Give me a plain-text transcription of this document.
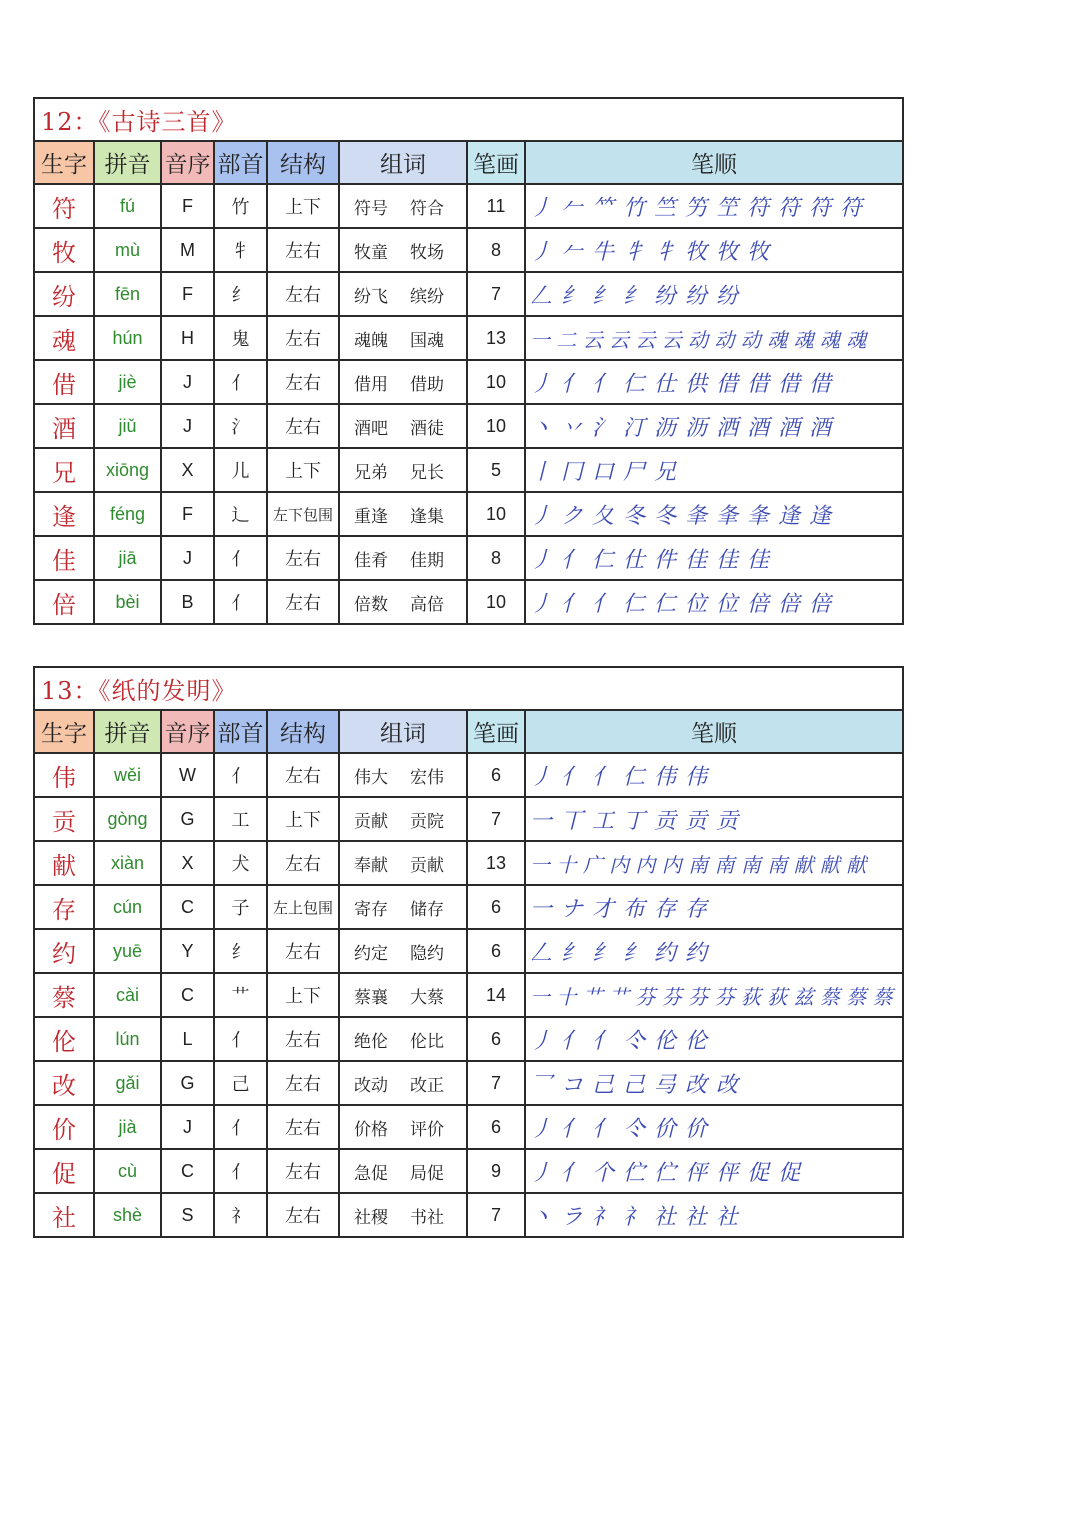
12：《古诗三首》							
生字	拼音	音序	部首	结构	组词	笔画	笔顺
符	fú	F	竹	上下	符号 符合	11	丿 𠂉 𥫗 竹 竺 竻 笁 符 符 符 符
牧	mù	M	牜	左右	牧童 牧场	8	丿 𠂉 牛 牜 牜 牧 牧 牧
纷	fēn	F	纟	左右	纷飞 缤纷	7	𠃋 纟 纟 纟 纷 纷 纷
魂	hún	H	鬼	左右	魂魄 国魂	13	一 二 云 云 云 云 动 动 动 魂 魂 魂 魂
借	jiè	J	亻	左右	借用 借助	10	丿 亻 亻 仁 仕 供 借 借 借 借
酒	jiǔ	J	氵	左右	酒吧 酒徒	10	丶 丷 氵 汀 沥 沥 洒 酒 酒 酒
兄	xiōng	X	儿	上下	兄弟 兄长	5	丨 冂 口 尸 兄
逢	féng	F	辶	左下包围	重逢 逢集	10	丿 ク 夂 冬 冬 夆 夆 夆 逢 逢
佳	jiā	J	亻	左右	佳肴 佳期	8	丿 亻 仁 仕 件 佳 佳 佳
倍	bèi	B	亻	左右	倍数 高倍	10	丿 亻 亻 仁 仁 位 位 倍 倍 倍
13：《纸的发明》							
生字	拼音	音序	部首	结构	组词	笔画	笔顺
伟	wěi	W	亻	左右	伟大 宏伟	6	丿 亻 亻 仁 伟 伟
贡	gòng	G	工	上下	贡献 贡院	7	一 丅 工 丁 贡 贡 贡
献	xiàn	X	犬	左右	奉献 贡献	13	一 十 广 内 内 内 南 南 南 南 献 献 献
存	cún	C	子	左上包围	寄存 储存	6	一 ナ 才 布 存 存
约	yuē	Y	纟	左右	约定 隐约	6	𠃋 纟 纟 纟 约 约
蔡	cài	C	艹	上下	蔡襄 大蔡	14	一 十 艹 艹 芬 芬 芬 芬 荻 荻 兹 蔡 蔡 蔡
伦	lún	L	亻	左右	绝伦 伦比	6	丿 亻 亻 仒 伦 伦
改	gǎi	G	己	左右	改动 改正	7	乛 コ 己 己 㢧 改 改
价	jià	J	亻	左右	价格 评价	6	丿 亻 亻 仒 价 价
促	cù	C	亻	左右	急促 局促	9	丿 亻 个 伫 伫 伻 伻 促 促
社	shè	S	礻	左右	社稷 书社	7	丶 ラ 礻 礻 社 社 社
